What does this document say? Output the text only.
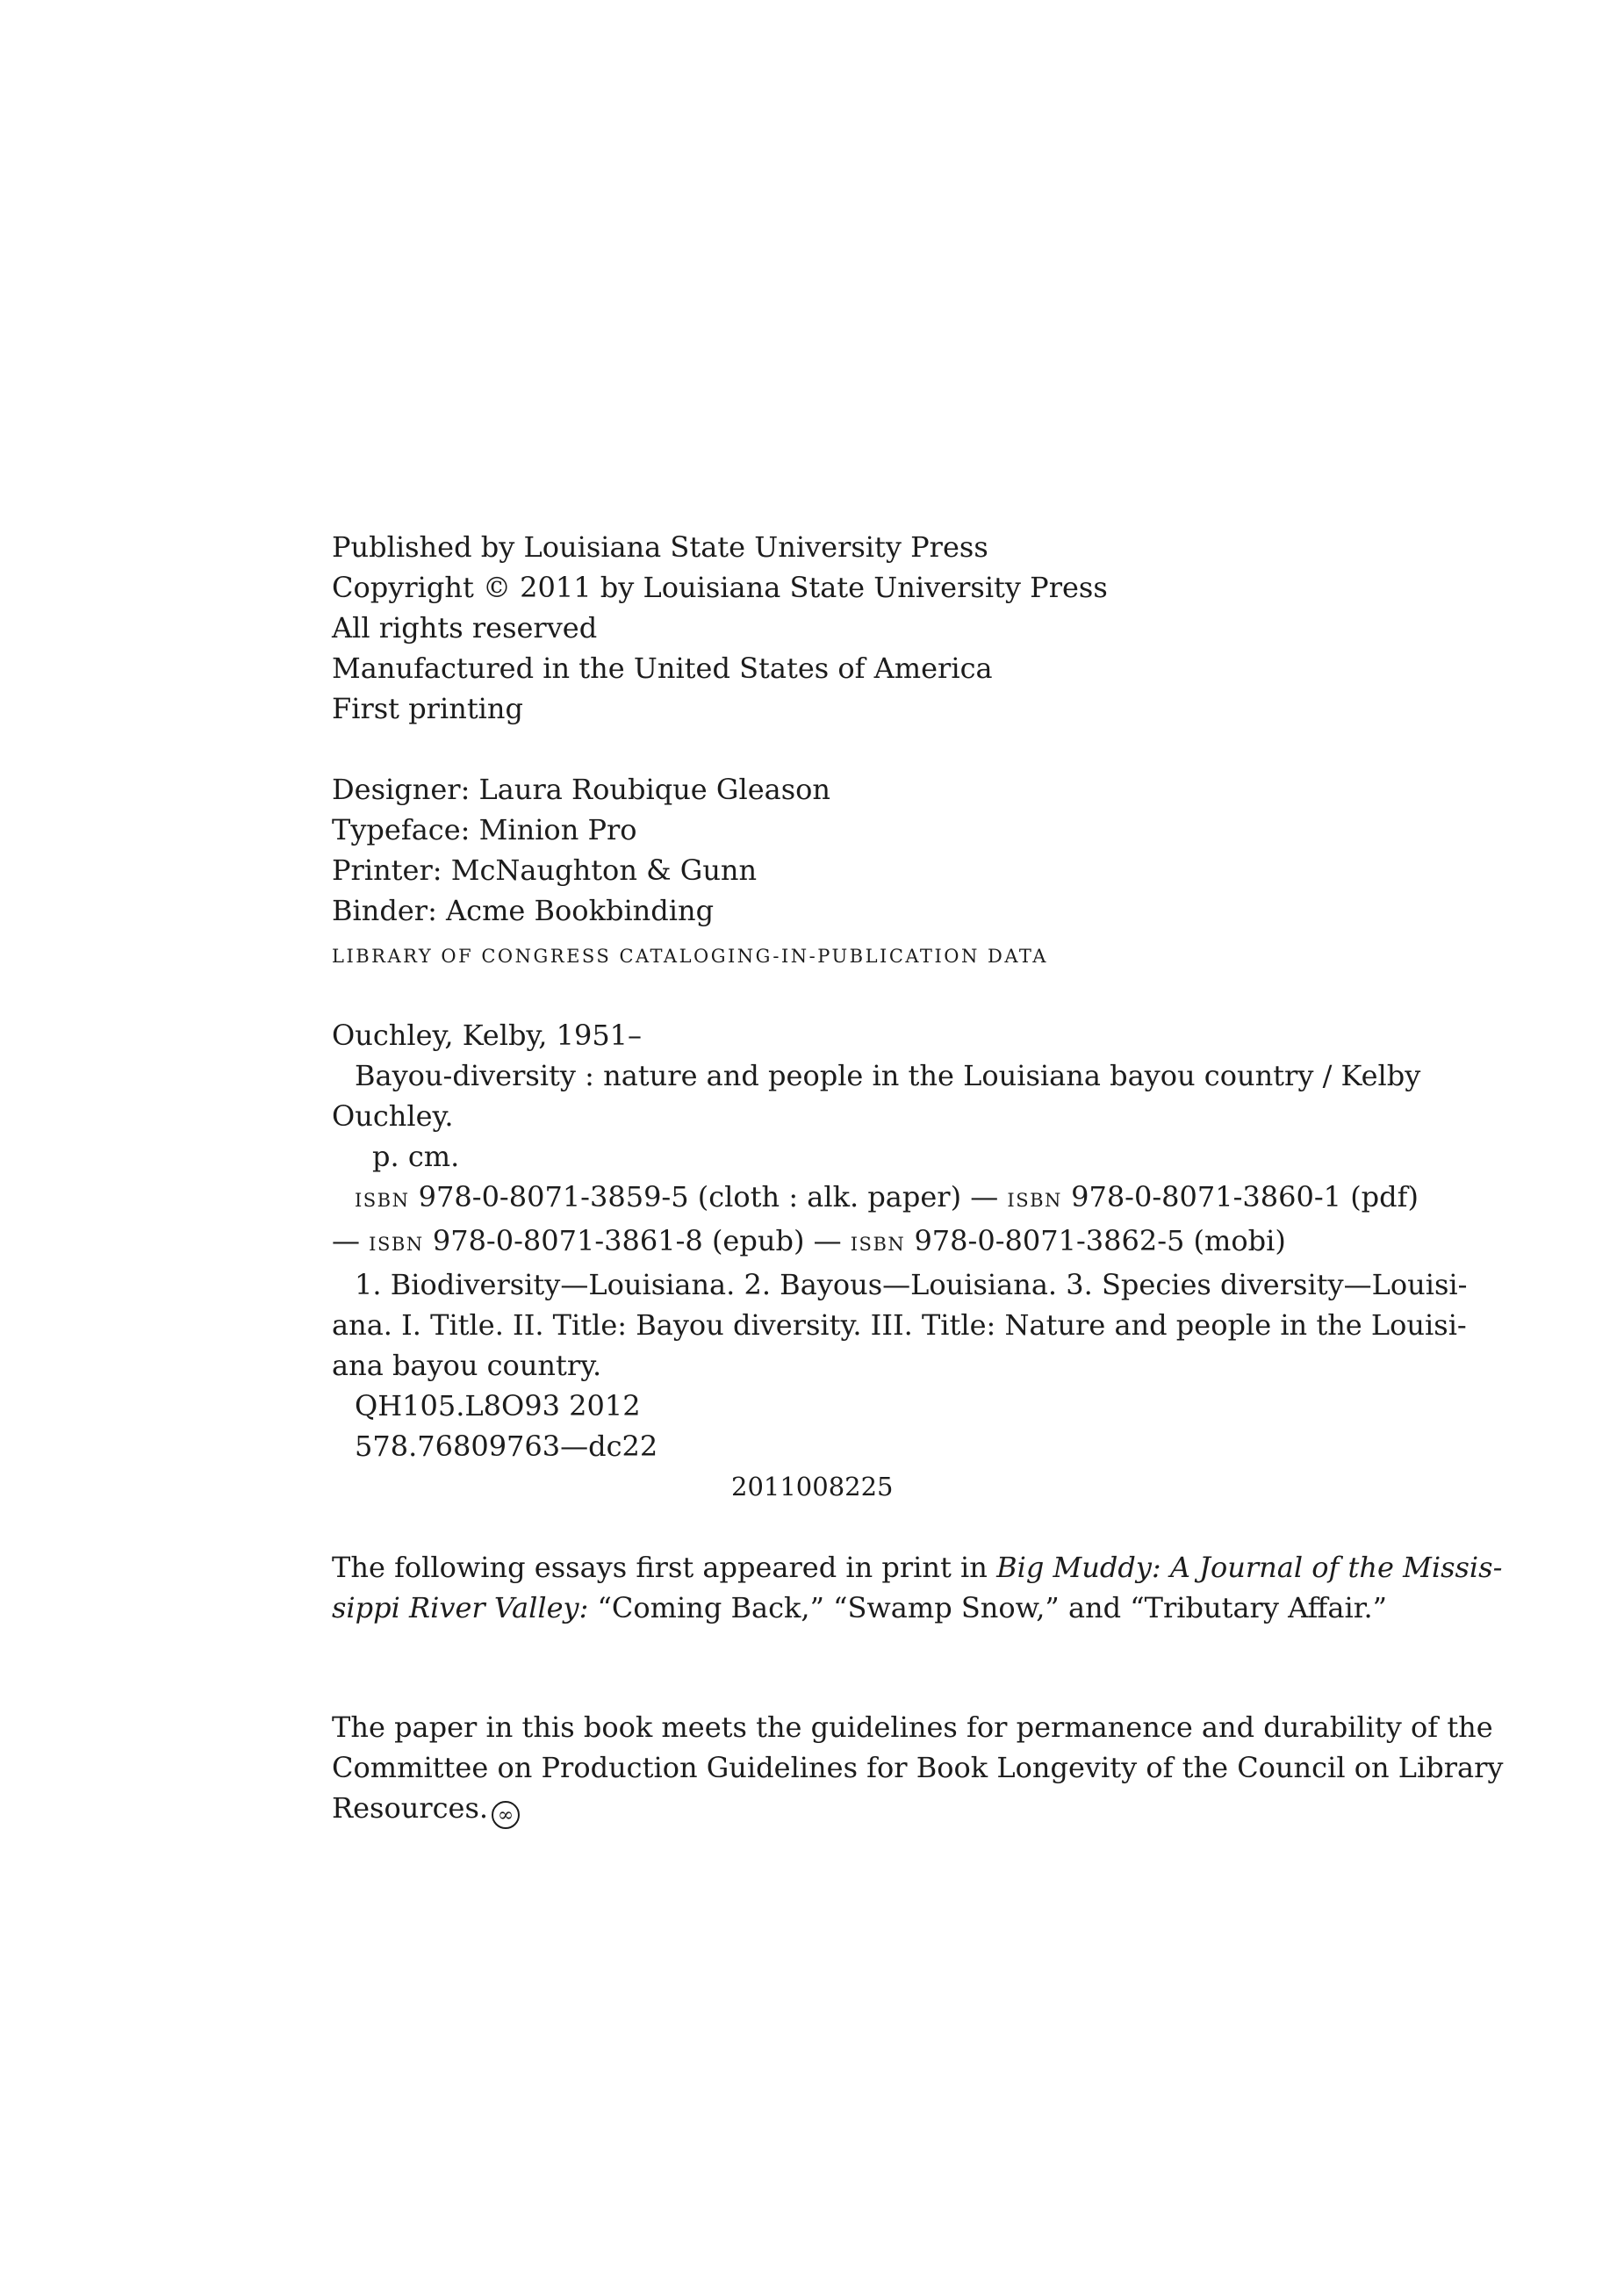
Published by Louisiana State University Press
Copyright © 2011 by Louisiana State University Press
All rights reserved
Manufactured in the United States of America
First printing
Designer: Laura Roubique Gleason
Typeface: Minion Pro
Printer: McNaughton & Gunn
Binder: Acme Bookbinding
LIBRARY OF CONGRESS CATALOGING-IN-PUBLICATION DATA
Ouchley, Kelby, 1951–
Bayou-diversity : nature and people in the Louisiana bayou country / Kelby
Ouchley.
p. cm.
ISBN 978-0-8071-3859-5 (cloth : alk. paper) — ISBN 978-0-8071-3860-1 (pdf)
— ISBN 978-0-8071-3861-8 (epub) — ISBN 978-0-8071-3862-5 (mobi)
1. Biodiversity—Louisiana. 2. Bayous—Louisiana. 3. Species diversity—Louisi-
ana. I. Title. II. Title: Bayou diversity. III. Title: Nature and people in the Louisi-
ana bayou country.
QH105.L8O93 2012
578.76809763—dc22
2011008225
The following essays first appeared in print in Big Muddy: A Journal of the Missis-
sippi River Valley: “Coming Back,” “Swamp Snow,” and “Tributary Affair.”
The paper in this book meets the guidelines for permanence and durability of the
Committee on Production Guidelines for Book Longevity of the Council on Library
Resources. ∞
